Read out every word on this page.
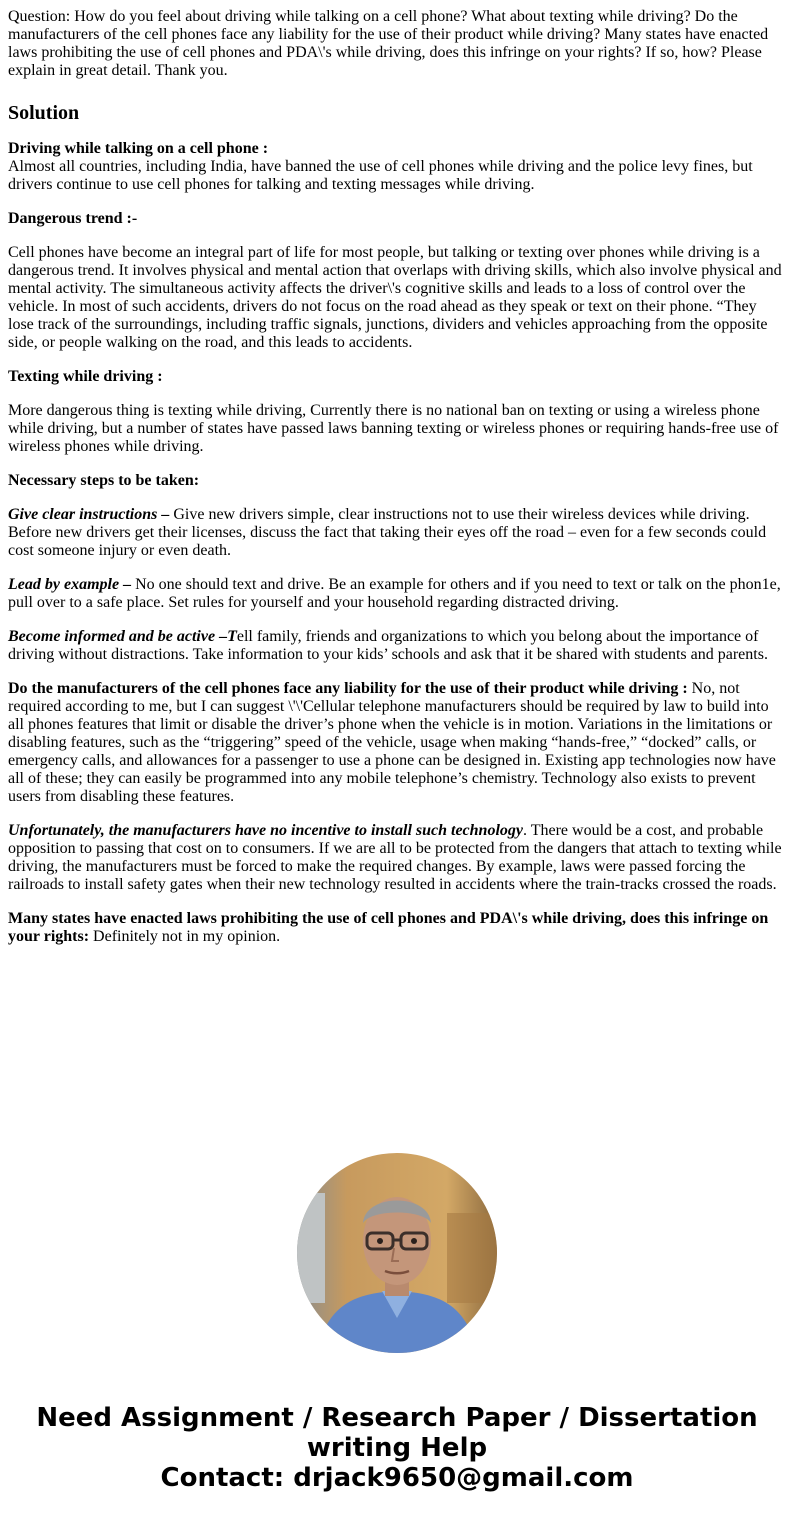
Question: How do you feel about driving while talking on a cell phone? What about texting while driving? Do the manufacturers of the cell phones face any liability for the use of their product while driving? Many states have enacted laws prohibiting the use of cell phones and PDA\'s while driving, does this infringe on your rights? If so, how? Please explain in great detail. Thank you.

Solution

Driving while talking on a cell phone :
Almost all countries, including India, have banned the use of cell phones while driving and the police levy fines, but drivers continue to use cell phones for talking and texting messages while driving.

Dangerous trend :-

Cell phones have become an integral part of life for most people, but talking or texting over phones while driving is a dangerous trend. It involves physical and mental action that overlaps with driving skills, which also involve physical and mental activity. The simultaneous activity affects the driver\'s cognitive skills and leads to a loss of control over the vehicle. In most of such accidents, drivers do not focus on the road ahead as they speak or text on their phone. “They lose track of the surroundings, including traffic signals, junctions, dividers and vehicles approaching from the opposite side, or people walking on the road, and this leads to accidents.

Texting while driving :

More dangerous thing is texting while driving, Currently there is no national ban on texting or using a wireless phone while driving, but a number of states have passed laws banning texting or wireless phones or requiring hands-free use of wireless phones while driving.

Necessary steps to be taken:

Give clear instructions – Give new drivers simple, clear instructions not to use their wireless devices while driving. Before new drivers get their licenses, discuss the fact that taking their eyes off the road – even for a few seconds could cost someone injury or even death.

Lead by example – No one should text and drive. Be an example for others and if you need to text or talk on the phon1e, pull over to a safe place. Set rules for yourself and your household regarding distracted driving.

Become informed and be active –Tell family, friends and organizations to which you belong about the importance of driving without distractions. Take information to your kids’ schools and ask that it be shared with students and parents.

Do the manufacturers of the cell phones face any liability for the use of their product while driving : No, not required according to me, but I can suggest \'\'Cellular telephone manufacturers should be required by law to build into all phones features that limit or disable the driver’s phone when the vehicle is in motion. Variations in the limitations or disabling features, such as the “triggering” speed of the vehicle, usage when making “hands-free,” “docked” calls, or emergency calls, and allowances for a passenger to use a phone can be designed in. Existing app technologies now have all of these; they can easily be programmed into any mobile telephone’s chemistry. Technology also exists to prevent users from disabling these features.

Unfortunately, the manufacturers have no incentive to install such technology. There would be a cost, and probable opposition to passing that cost on to consumers. If we are all to be protected from the dangers that attach to texting while driving, the manufacturers must be forced to make the required changes. By example, laws were passed forcing the railroads to install safety gates when their new technology resulted in accidents where the train-tracks crossed the roads.

Many states have enacted laws prohibiting the use of cell phones and PDA\'s while driving, does this infringe on your rights: Definitely not in my opinion.

Need Assignment / Research Paper / Dissertation
writing Help
Contact: drjack9650@gmail.com
